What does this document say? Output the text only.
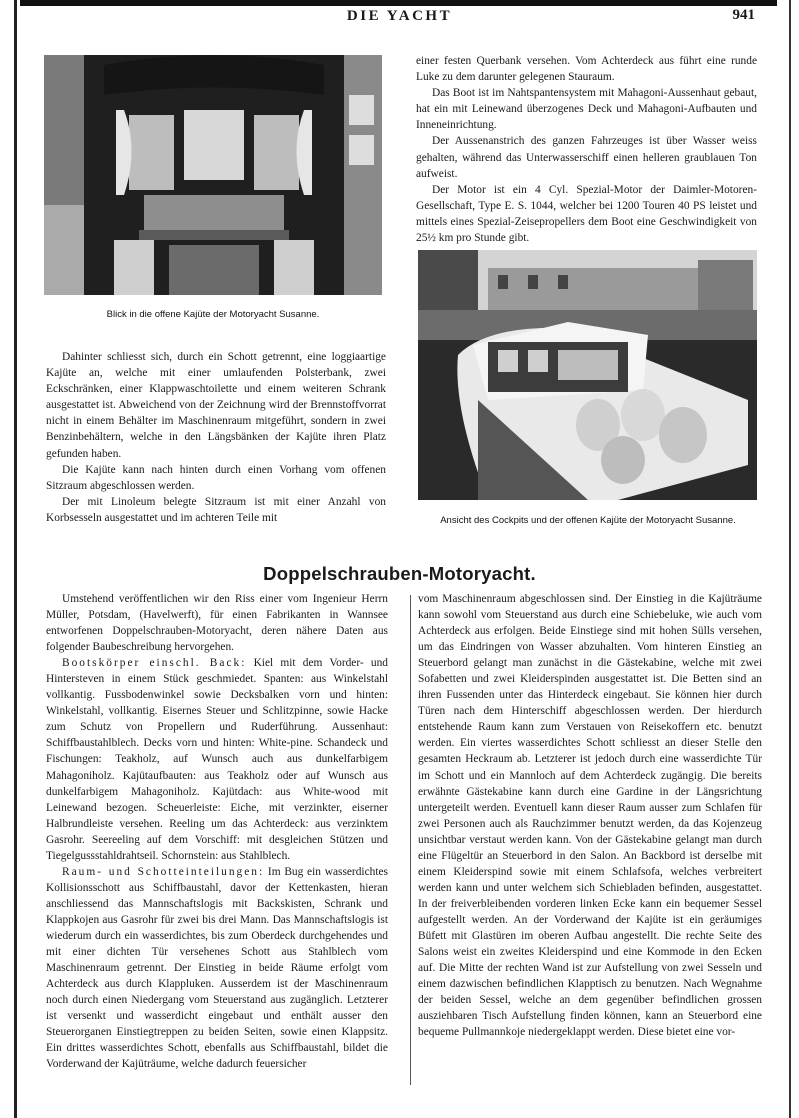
DIE YACHT	941
Blick in die offene Kajüte der Motoryacht Susanne.

einer festen Querbank versehen. Vom Achterdeck aus führt eine runde Luke zu dem darunter gelegenen Stauraum.

Das Boot ist im Nahtspantensystem mit Mahagoni-Aussenhaut gebaut, hat ein mit Leinewand überzogenes Deck und Mahagoni-Aufbauten und Inneneinrichtung.

Der Aussenanstrich des ganzen Fahrzeuges ist über Wasser weiss gehalten, während das Unterwasserschiff einen helleren graublauen Ton aufweist.

Der Motor ist ein 4 Cyl. Spezial-Motor der Daimler-Motoren-Gesellschaft, Type E. S. 1044, welcher bei 1200 Touren 40 PS leistet und mittels eines Spezial-Zeisepropellers dem Boot eine Geschwindigkeit von 25½ km pro Stunde gibt.

Ansicht des Cockpits und der offenen Kajüte der Motoryacht Susanne.

Dahinter schliesst sich, durch ein Schott getrennt, eine loggiaartige Kajüte an, welche mit einer umlaufenden Polsterbank, zwei Eckschränken, einer Klappwaschtoilette und einem weiteren Schrank ausgestattet ist. Abweichend von der Zeichnung wird der Brennstoffvorrat nicht in einem Behälter im Maschinenraum mitgeführt, sondern in zwei Benzinbehältern, welche in den Längsbänken der Kajüte ihren Platz gefunden haben.

Die Kajüte kann nach hinten durch einen Vorhang vom offenen Sitzraum abgeschlossen werden.

Der mit Linoleum belegte Sitzraum ist mit einer Anzahl von Korbsesseln ausgestattet und im achteren Teile mit

Doppelschrauben-Motoryacht.

Umstehend veröffentlichen wir den Riss einer vom Ingenieur Herrn Müller, Potsdam, (Havelwerft), für einen Fabrikanten in Wannsee entworfenen Doppelschrauben-Motoryacht, deren nähere Daten aus folgender Baubeschreibung hervorgehen.

Bootskörper einschl. Back: Kiel mit dem Vorder- und Hintersteven in einem Stück geschmiedet. Spanten: aus Winkelstahl vollkantig. Fussbodenwinkel sowie Decksbalken vorn und hinten: Winkelstahl, vollkantig. Eisernes Steuer und Schlitzpinne, sowie Hacke zum Schutz von Propellern und Ruderführung. Aussenhaut: Schiffbaustahlblech. Decks vorn und hinten: White-pine. Schandeck und Fischungen: Teakholz, auf Wunsch auch aus dunkelfarbigem Mahagoniholz. Kajütaufbauten: aus Teakholz oder auf Wunsch aus dunkelfarbigem Mahagoniholz. Kajütdach: aus White-wood mit Leinewand bezogen. Scheuerleiste: Eiche, mit verzinkter, eiserner Halbrundleiste versehen. Reeling um das Achterdeck: aus verzinktem Gasrohr. Seereeling auf dem Vorschiff: mit desgleichen Stützen und Tiegelgussstahldrahtseil. Schornstein: aus Stahlblech.

Raum- und Schotteinteilungen: Im Bug ein wasserdichtes Kollisionsschott aus Schiffbaustahl, davor der Kettenkasten, hieran anschliessend das Mannschaftslogis mit Backskisten, Schrank und Klappkojen aus Gasrohr für zwei bis drei Mann. Das Mannschaftslogis ist wiederum durch ein wasserdichtes, bis zum Oberdeck durchgehendes und mit einer dichten Tür versehenes Schott aus Stahlblech vom Maschinenraum getrennt. Der Einstieg in beide Räume erfolgt vom Achterdeck aus durch Klappluken. Ausserdem ist der Maschinenraum noch durch einen Niedergang vom Steuerstand aus zugänglich. Letzterer ist versenkt und wasserdicht eingebaut und enthält ausser den Steuerorganen Einstiegtreppen zu beiden Seiten, sowie einen Klappsitz. Ein drittes wasserdichtes Schott, ebenfalls aus Schiffbaustahl, bildet die Vorderwand der Kajüträume, welche dadurch feuersicher

vom Maschinenraum abgeschlossen sind. Der Einstieg in die Kajüträume kann sowohl vom Steuerstand aus durch eine Schiebeluke, wie auch vom Achterdeck aus erfolgen. Beide Einstiege sind mit hohen Sülls versehen, um das Eindringen von Wasser abzuhalten. Vom hinteren Einstieg an Steuerbord gelangt man zunächst in die Gästekabine, welche mit zwei Sofabetten und zwei Kleiderspinden ausgestattet ist. Die Betten sind an ihren Fussenden unter das Hinterdeck eingebaut. Sie können hier durch Türen nach dem Hinterschiff abgeschlossen werden. Der hierdurch entstehende Raum kann zum Verstauen von Reisekoffern etc. benutzt werden. Ein viertes wasserdichtes Schott schliesst an dieser Stelle den gesamten Heckraum ab. Letzterer ist jedoch durch eine wasserdichte Tür im Schott und ein Mannloch auf dem Achterdeck zugängig. Die bereits erwähnte Gästekabine kann durch eine Gardine in der Längsrichtung untergeteilt werden. Eventuell kann dieser Raum ausser zum Schlafen für zwei Personen auch als Rauchzimmer benutzt werden, da das Kojenzeug unsichtbar verstaut werden kann. Von der Gästekabine gelangt man durch eine Flügeltür an Steuerbord in den Salon. An Backbord ist derselbe mit einem Kleiderspind sowie mit einem Schlafsofa, welches verbreitert werden kann und unter welchem sich Schiebladen befinden, ausgestattet. In der freiverbleibenden vorderen linken Ecke kann ein bequemer Sessel aufgestellt werden. An der Vorderwand der Kajüte ist ein geräumiges Büfett mit Glastüren im oberen Aufbau angestellt. Die rechte Seite des Salons weist ein zweites Kleiderspind und eine Kommode in den Ecken auf. Die Mitte der rechten Wand ist zur Aufstellung von zwei Sesseln und einem dazwischen befindlichen Klapptisch zu benutzen. Nach Wegnahme der beiden Sessel, welche an dem gegenüber befindlichen grossen ausziehbaren Tisch Aufstellung finden können, kann an Steuerbord eine bequeme Pullmannkoje niedergeklappt werden. Diese bietet eine vor-
